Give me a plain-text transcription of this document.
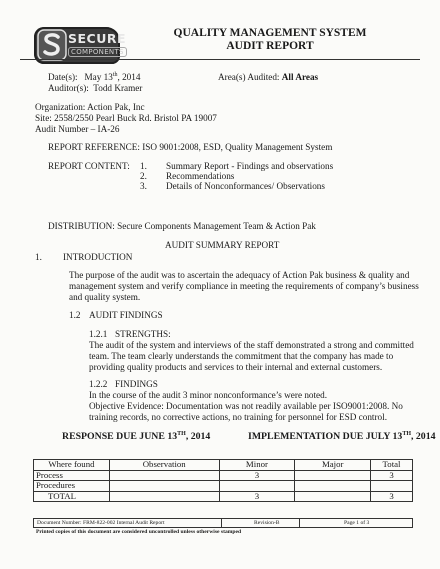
SECURE
COMPONENTS
QUALITY MANAGEMENT SYSTEM
AUDIT REPORT
Date(s): May 13th, 2014	Area(s) Audited: All Areas
Auditor(s): Todd Kramer
Organization: Action Pak, Inc
Site: 2558/2550 Pearl Buck Rd. Bristol PA 19007
Audit Number – IA-26
REPORT REFERENCE: ISO 9001:2008, ESD, Quality Management System
REPORT CONTENT: 1. Summary Report - Findings and observations
2. Recommendations
3. Details of Nonconformances/ Observations
DISTRIBUTION: Secure Components Management Team & Action Pak
AUDIT SUMMARY REPORT
1. INTRODUCTION
The purpose of the audit was to ascertain the adequacy of Action Pak business & quality and
management system and verify compliance in meeting the requirements of company’s business
and quality system.
1.2 AUDIT FINDINGS
1.2.1 STRENGTHS:
The audit of the system and interviews of the staff demonstrated a strong and committed
team. The team clearly understands the commitment that the company has made to
providing quality products and services to their internal and external customers.
1.2.2 FINDINGS
In the course of the audit 3 minor nonconformance’s were noted.
Objective Evidence: Documentation was not readily available per ISO9001:2008. No
training records, no corrective actions, no training for personnel for ESD control.
RESPONSE DUE JUNE 13TH, 2014	IMPLEMENTATION DUE JULY 13TH, 2014
Where found	Observation	Minor	Major	Total
Process		3		3
Procedures				
TOTAL		3		3
Document Number: FRM-822-002 Internal Audit Report	Revision-B	Page 1 of 3
Printed copies of this document are considered uncontrolled unless otherwise stamped
